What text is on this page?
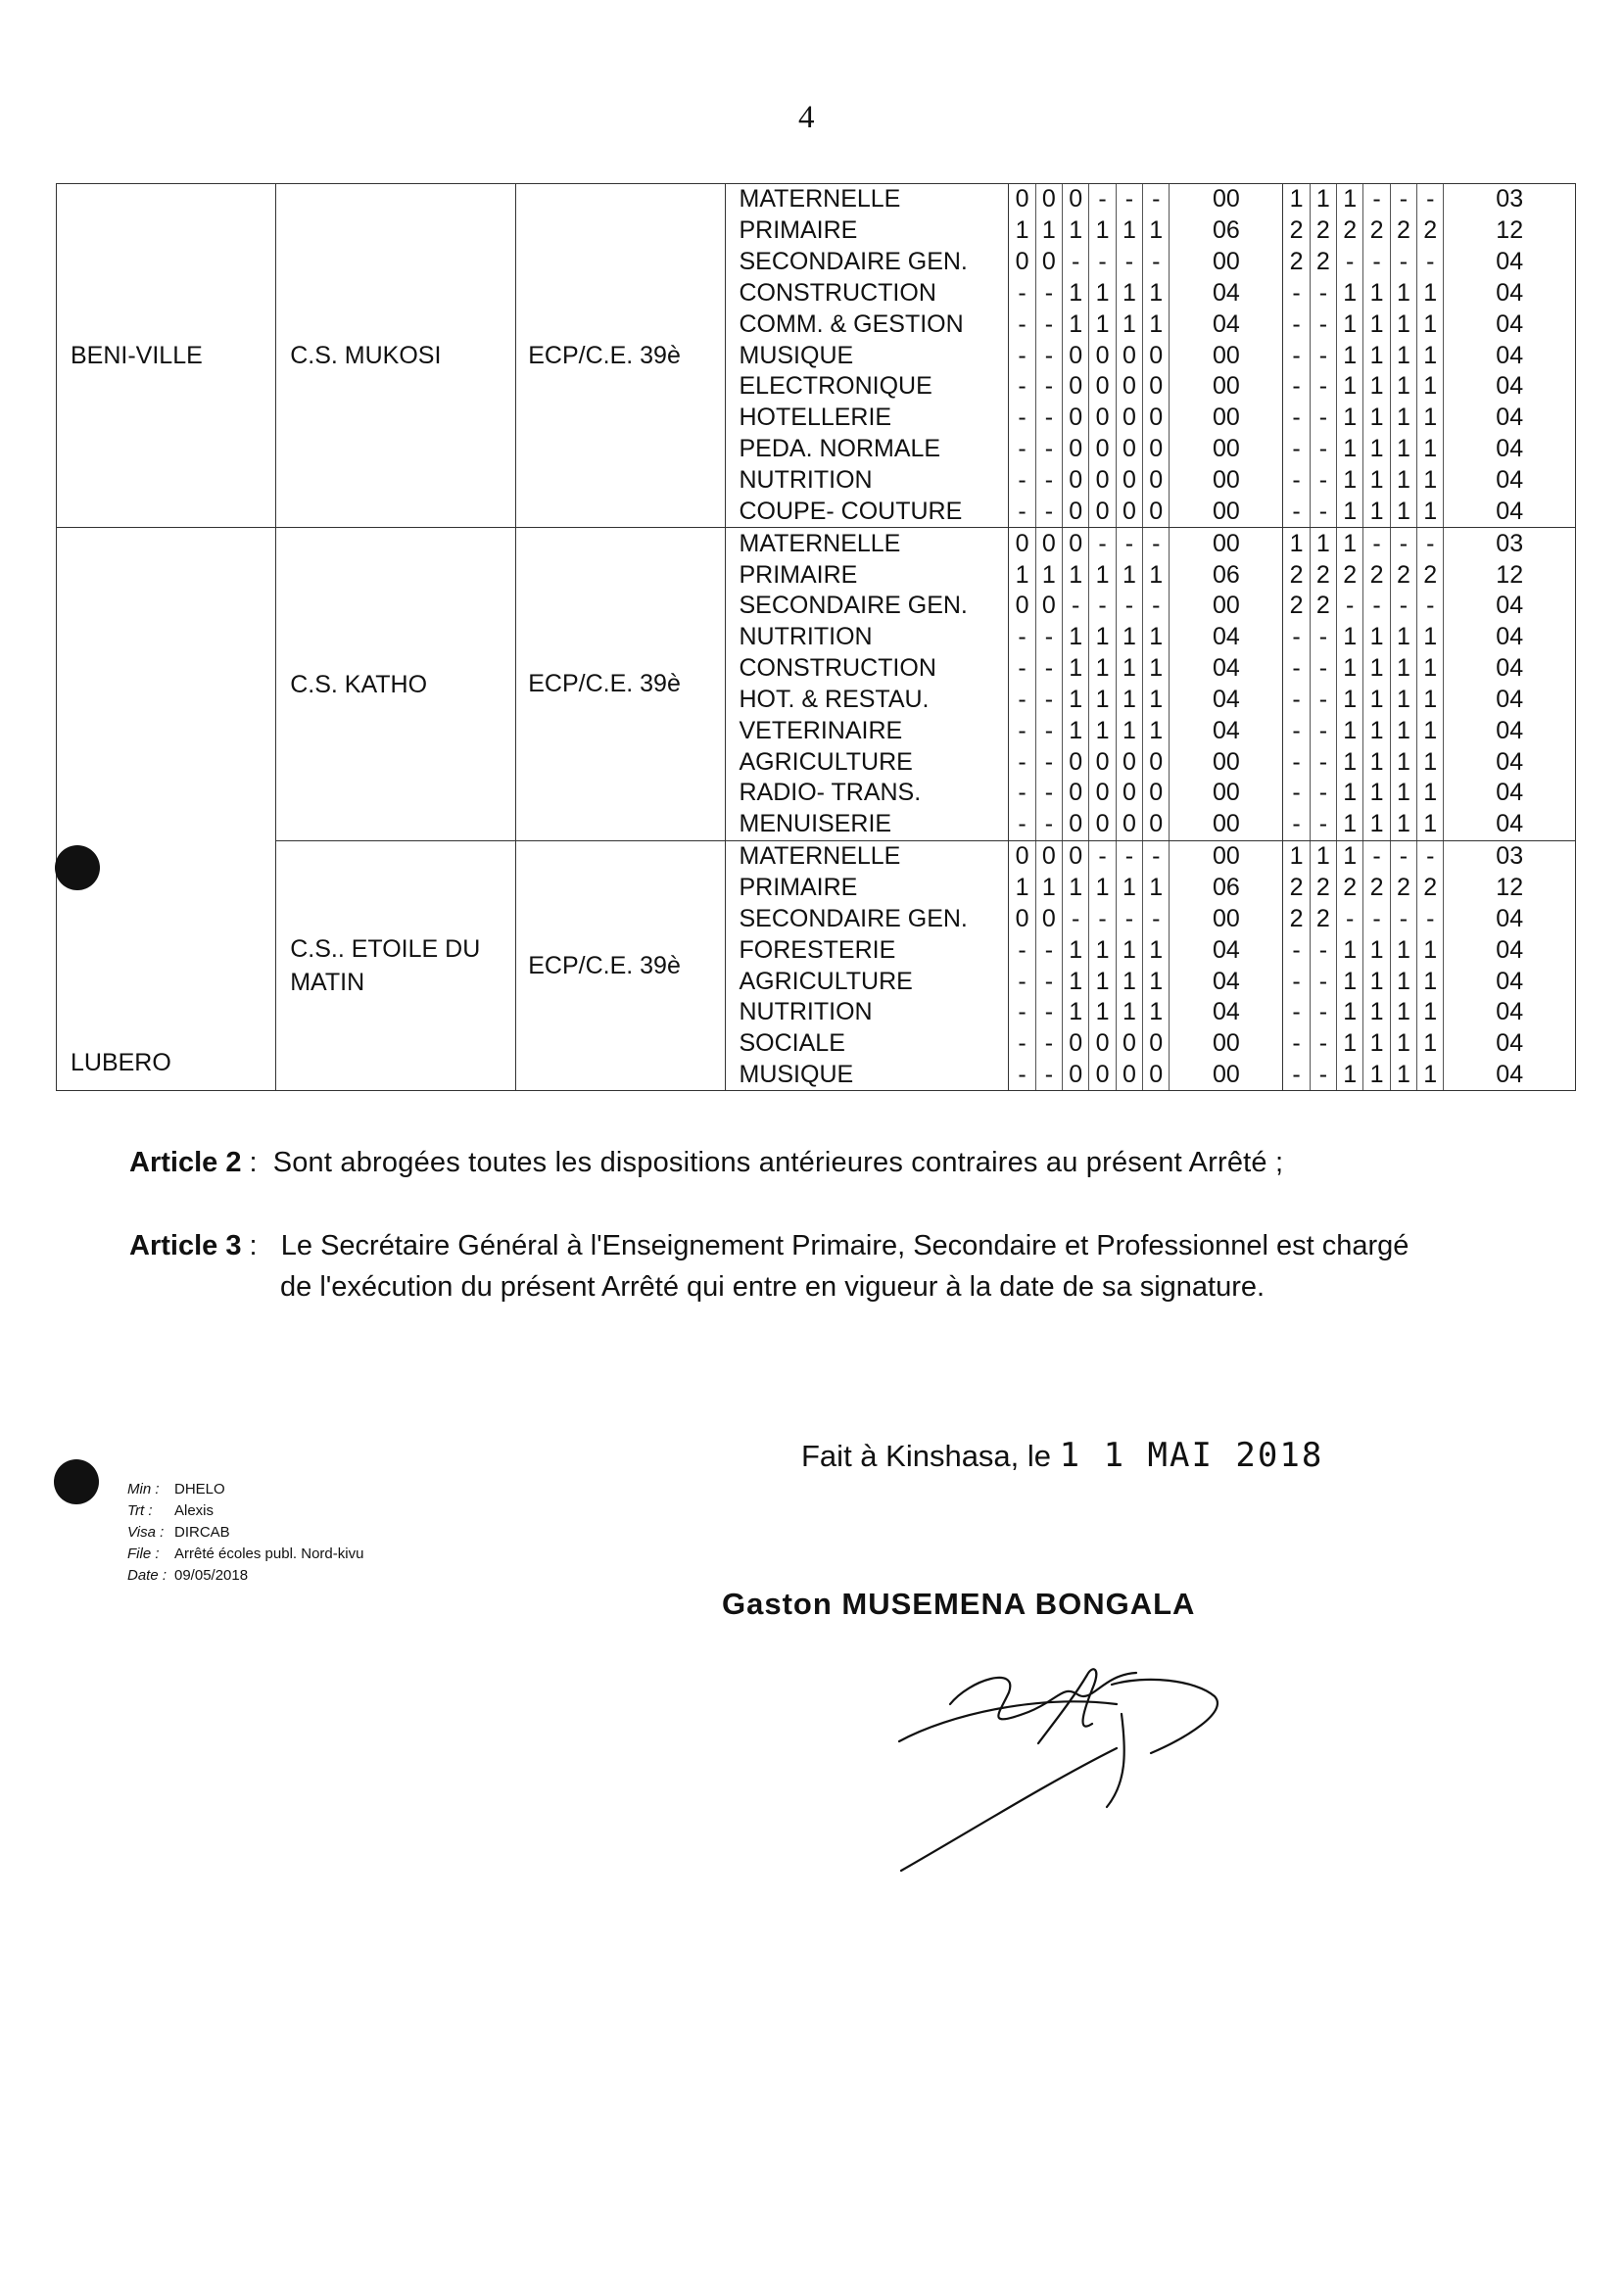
4
BENI-VILLE	C.S. MUKOSI	ECP/C.E. 39è	MATERNELLE	0	0	0	-	-	-	00	1	1	1	-	-	-	03
			PRIMAIRE	1	1	1	1	1	1	06	2	2	2	2	2	2	12
			SECONDAIRE GEN.	0	0	-	-	-	-	00	2	2	-	-	-	-	04
			CONSTRUCTION	-	-	1	1	1	1	04	-	-	1	1	1	1	04
			COMM. & GESTION	-	-	1	1	1	1	04	-	-	1	1	1	1	04
			MUSIQUE	-	-	0	0	0	0	00	-	-	1	1	1	1	04
			ELECTRONIQUE	-	-	0	0	0	0	00	-	-	1	1	1	1	04
			HOTELLERIE	-	-	0	0	0	0	00	-	-	1	1	1	1	04
			PEDA. NORMALE	-	-	0	0	0	0	00	-	-	1	1	1	1	04
			NUTRITION	-	-	0	0	0	0	00	-	-	1	1	1	1	04
			COUPE- COUTURE	-	-	0	0	0	0	00	-	-	1	1	1	1	04
LUBERO	C.S. KATHO	ECP/C.E. 39è	MATERNELLE	0	0	0	-	-	-	00	1	1	1	-	-	-	03
			PRIMAIRE	1	1	1	1	1	1	06	2	2	2	2	2	2	12
			SECONDAIRE GEN.	0	0	-	-	-	-	00	2	2	-	-	-	-	04
			NUTRITION	-	-	1	1	1	1	04	-	-	1	1	1	1	04
			CONSTRUCTION	-	-	1	1	1	1	04	-	-	1	1	1	1	04
			HOT. & RESTAU.	-	-	1	1	1	1	04	-	-	1	1	1	1	04
			VETERINAIRE	-	-	1	1	1	1	04	-	-	1	1	1	1	04
			AGRICULTURE	-	-	0	0	0	0	00	-	-	1	1	1	1	04
			RADIO- TRANS.	-	-	0	0	0	0	00	-	-	1	1	1	1	04
			MENUISERIE	-	-	0	0	0	0	00	-	-	1	1	1	1	04
	C.S.. ETOILE DU MATIN	ECP/C.E. 39è	MATERNELLE	0	0	0	-	-	-	00	1	1	1	-	-	-	03
			PRIMAIRE	1	1	1	1	1	1	06	2	2	2	2	2	2	12
			SECONDAIRE GEN.	0	0	-	-	-	-	00	2	2	-	-	-	-	04
			FORESTERIE	-	-	1	1	1	1	04	-	-	1	1	1	1	04
			AGRICULTURE	-	-	1	1	1	1	04	-	-	1	1	1	1	04
			NUTRITION	-	-	1	1	1	1	04	-	-	1	1	1	1	04
			SOCIALE	-	-	0	0	0	0	00	-	-	1	1	1	1	04
			MUSIQUE	-	-	0	0	0	0	00	-	-	1	1	1	1	04
Article 2 :  Sont abrogées toutes les dispositions antérieures contraires au présent Arrêté ;
Article 3 :   Le Secrétaire Général à l'Enseignement Primaire, Secondaire et Professionnel est chargé
de l'exécution du présent Arrêté qui entre en vigueur à la date de sa signature.
Min : DHELO
Trt : Alexis
Visa : DIRCAB
File : Arrêté écoles publ. Nord-kivu
Date : 09/05/2018
Fait à Kinshasa, le 1 1 MAI 2018
Gaston MUSEMENA BONGALA
